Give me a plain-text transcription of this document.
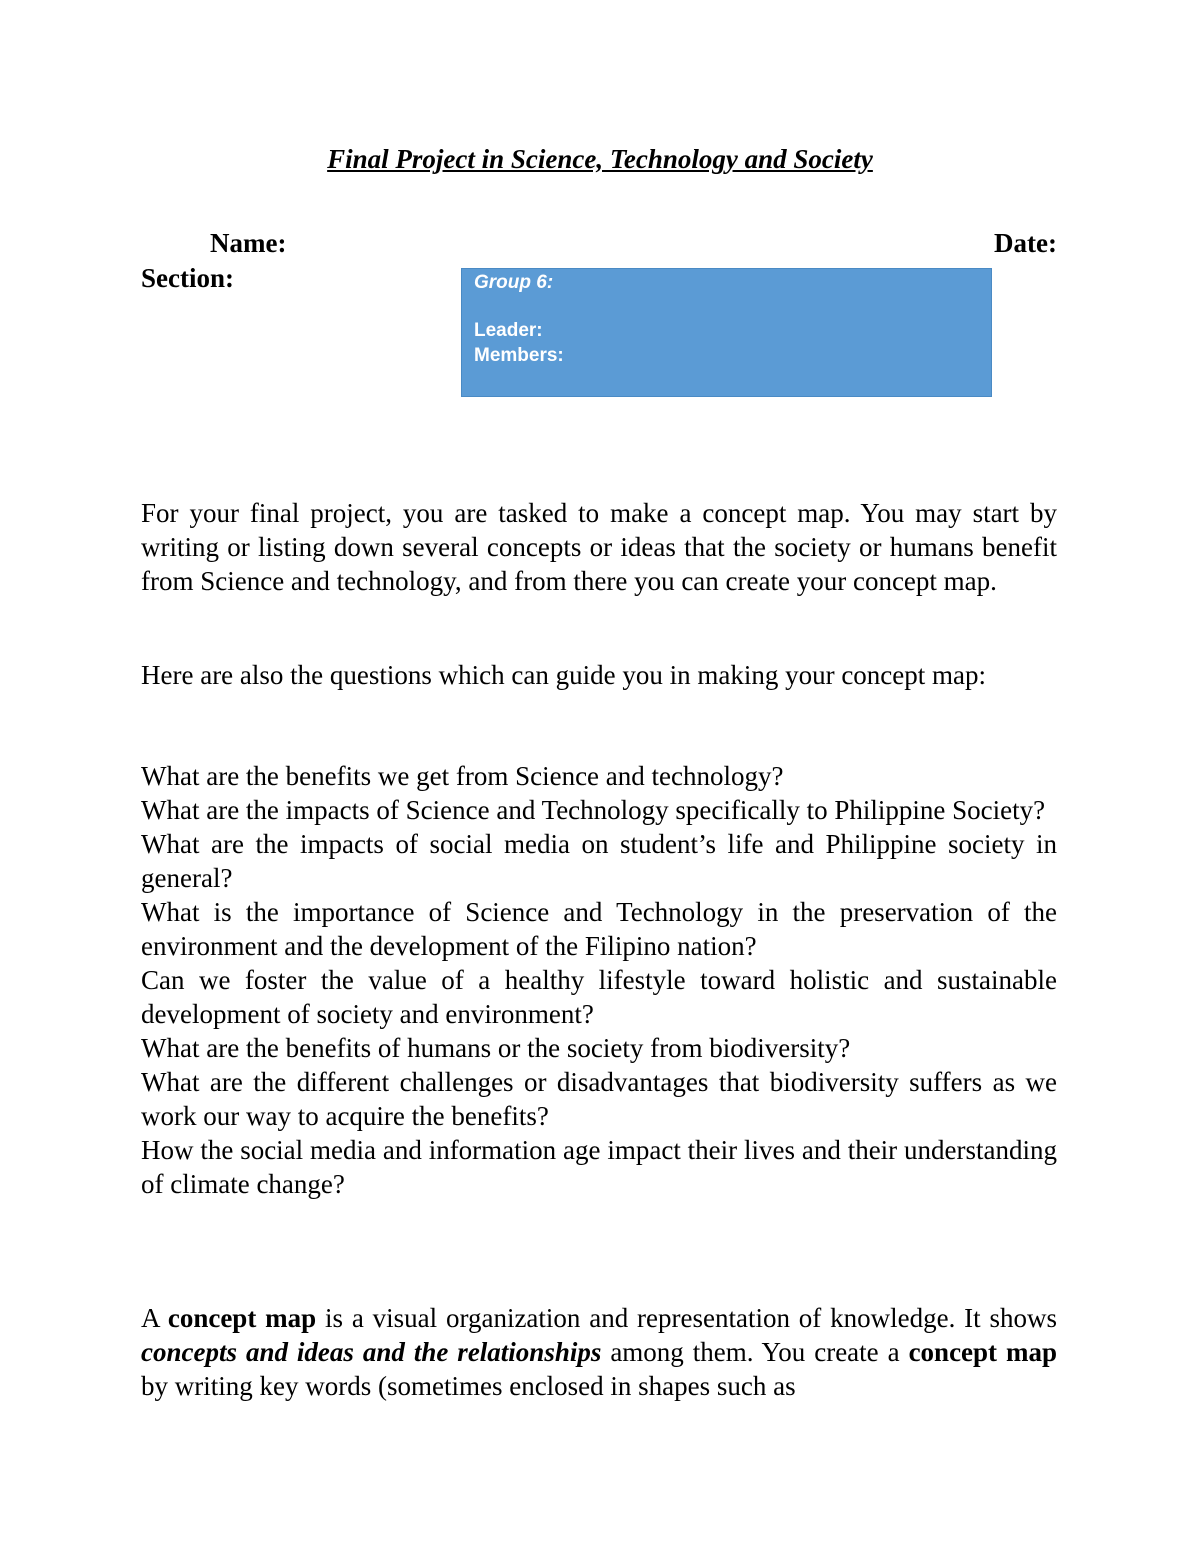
Final Project in Science, Technology and Society
Name:	Date:
Section:	Group 6:
Leader:
Members:

For your final project, you are tasked to make a concept map. You may start by writing or listing down several concepts or ideas that the society or humans benefit from Science and technology, and from there you can create your concept map.

Here are also the questions which can guide you in making your concept map:

What are the benefits we get from Science and technology?

What are the impacts of Science and Technology specifically to Philippine Society?

What are the impacts of social media on student’s life and Philippine society in general?

What is the importance of Science and Technology in the preservation of the environment and the development of the Filipino nation?

Can we foster the value of a healthy lifestyle toward holistic and sustainable development of society and environment?

What are the benefits of humans or the society from biodiversity?

What are the different challenges or disadvantages that biodiversity suffers as we work our way to acquire the benefits?

How the social media and information age impact their lives and their understanding of climate change?

A concept map is a visual organization and representation of knowledge. It shows concepts and ideas and the relationships among them. You create a concept map by writing key words (sometimes enclosed in shapes such as
